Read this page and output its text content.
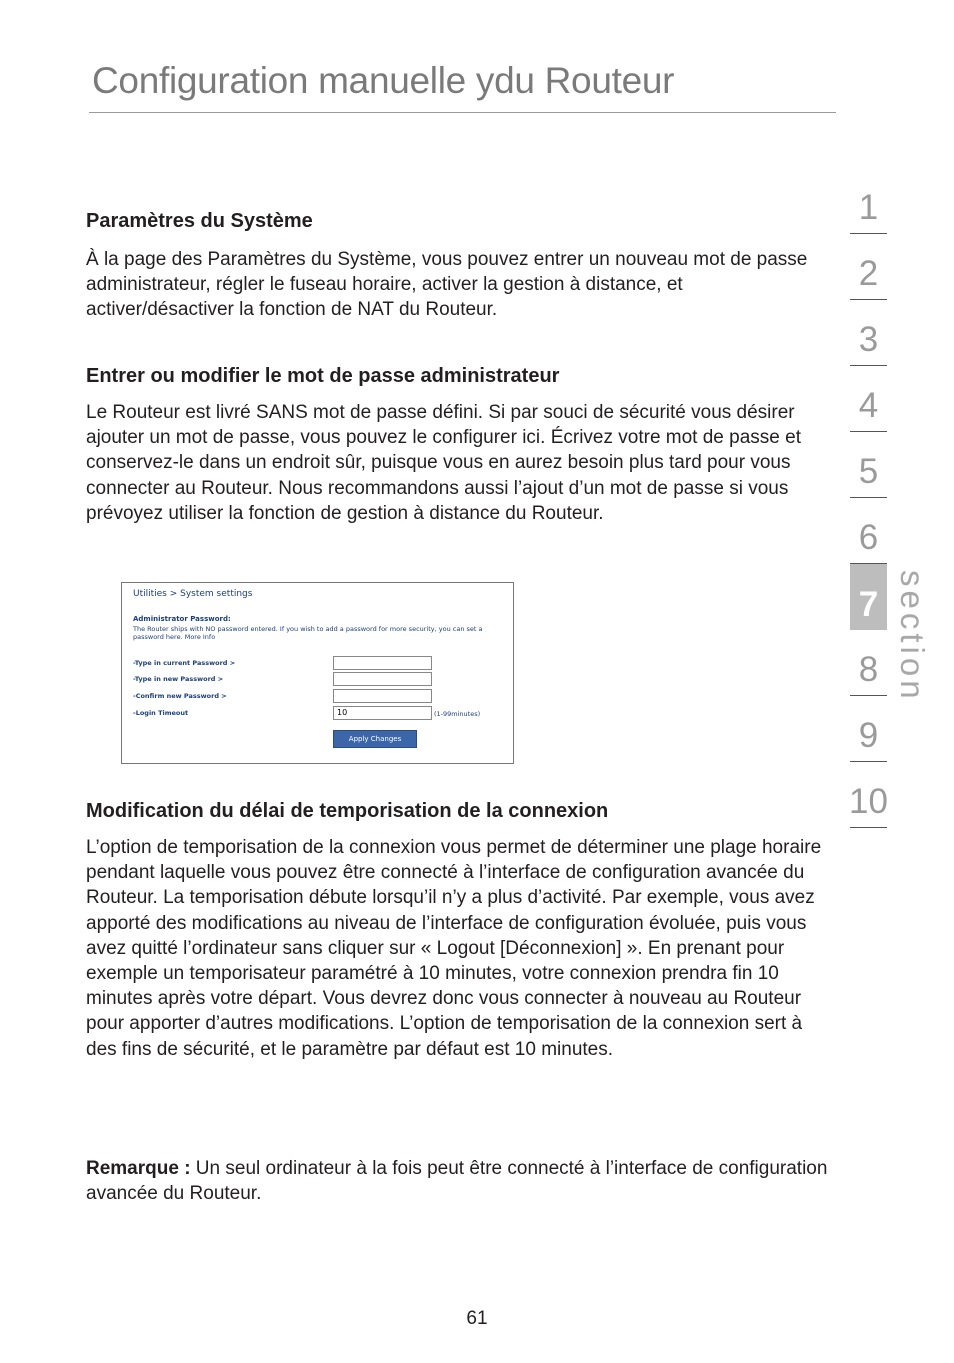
Configuration manuelle ydu Routeur
Paramètres du Système

À la page des Paramètres du Système, vous pouvez entrer un nouveau mot de passe administrateur, régler le fuseau horaire, activer la gestion à distance, et activer/désactiver la fonction de NAT du Routeur.

Entrer ou modifier le mot de passe administrateur

Le Routeur est livré SANS mot de passe défini. Si par souci de sécurité vous désirer ajouter un mot de passe, vous pouvez le configurer ici. Écrivez votre mot de passe et conservez-le dans un endroit sûr, puisque vous en aurez besoin plus tard pour vous connecter au Routeur. Nous recommandons aussi l’ajout d’un mot de passe si vous prévoyez utiliser la fonction de gestion à distance du Routeur.

Utilities > System settings
Administrator Password:
The Router ships with NO password entered. If you wish to add a password for more security, you can set a password here. More Info
-Type in current Password >
-Type in new Password >
-Confirm new Password >
-Login Timeout	10	(1-99minutes)
Apply Changes
Modification du délai de temporisation de la connexion

L’option de temporisation de la connexion vous permet de déterminer une plage horaire pendant laquelle vous pouvez être connecté à l’interface de configuration avancée du Routeur. La temporisation débute lorsqu’il n’y a plus d’activité. Par exemple, vous avez apporté des modifications au niveau de l’interface de configuration évoluée, puis vous avez quitté l’ordinateur sans cliquer sur « Logout [Déconnexion] ». En prenant pour exemple un temporisateur paramétré à 10 minutes, votre connexion prendra fin 10 minutes après votre départ. Vous devrez donc vous connecter à nouveau au Routeur pour apporter d’autres modifications. L’option de temporisation de la connexion sert à des fins de sécurité, et le paramètre par défaut est 10 minutes.

Remarque : Un seul ordinateur à la fois peut être connecté à l’interface de configuration avancée du Routeur.

1
2
3
4
5
6
7
8
9
10
section
61
